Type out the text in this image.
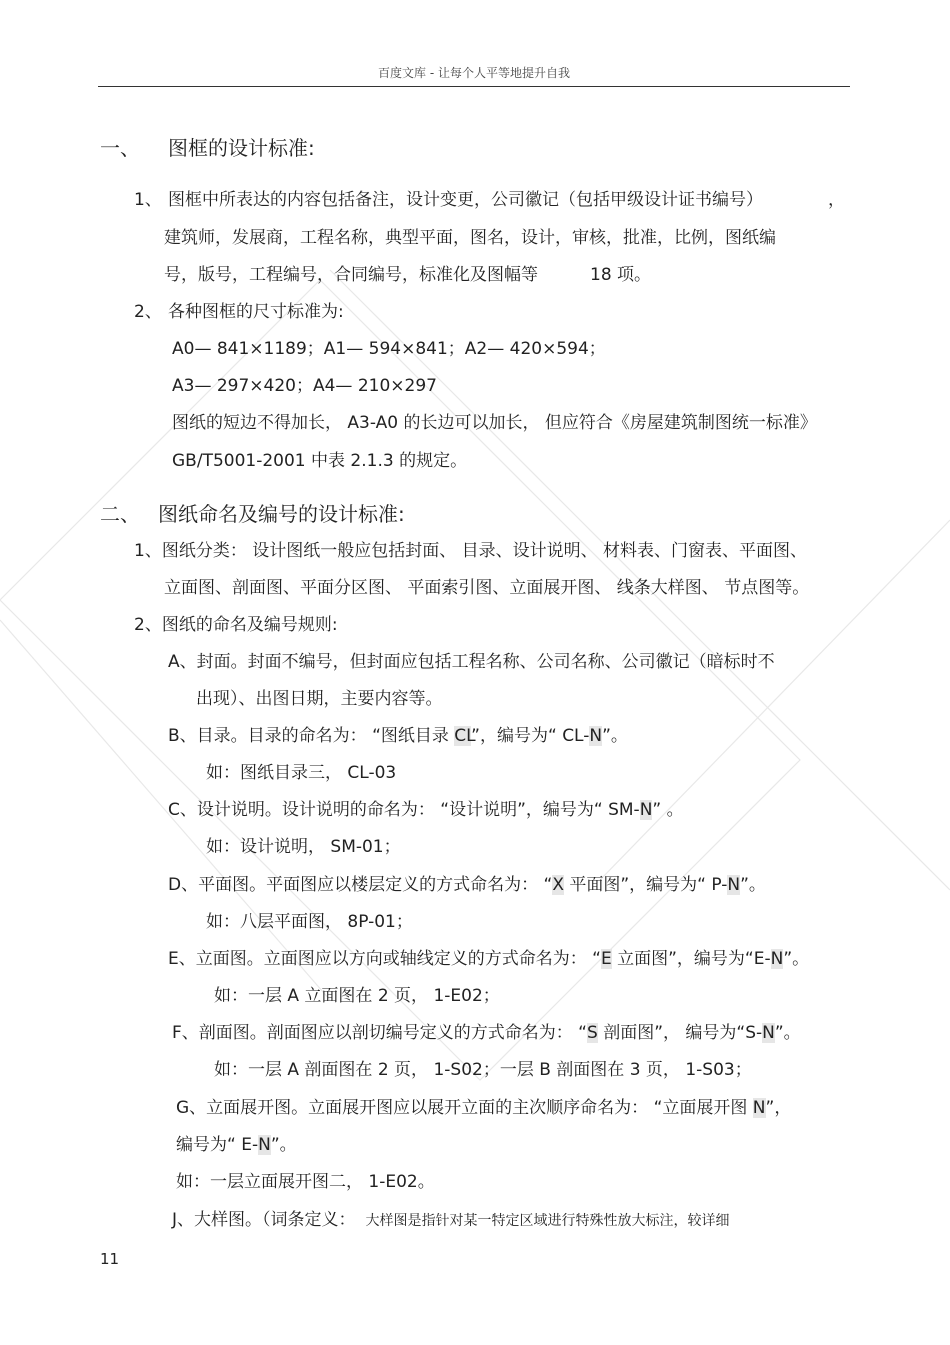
百度文库 - 让每个人平等地提升自我
一、 图框的设计标准:
1、 图框中所表达的内容包括备注，设计变更，公司徽记（包括甲级设计证书编号）	，
建筑师，发展商，工程名称，典型平面，图名，设计，审核，批准，比例，图纸编
号，版号，工程编号，合同编号，标准化及图幅等	18 项。
2、 各种图框的尺寸标准为:
A0— 841×1189；A1— 594×841；A2— 420×594；
A3— 297×420；A4— 210×297
图纸的短边不得加长， A3-A0 的长边可以加长， 但应符合《房屋建筑制图统一标准》
GB/T5001-2001 中表 2.1.3 的规定。
二、 图纸命名及编号的设计标准:
1、图纸分类： 设计图纸一般应包括封面、 目录、设计说明、 材料表、门窗表、平面图、
立面图、剖面图、平面分区图、 平面索引图、立面展开图、 线条大样图、 节点图等。
2、图纸的命名及编号规则:
A、封面。封面不编号，但封面应包括工程名称、公司名称、公司徽记（暗标时不
出现）、出图日期，主要内容等。
B、目录。目录的命名为： “图纸目录 CL”，编号为“ CL-N”。
如：图纸目录三， CL-03
C、设计说明。设计说明的命名为： “设计说明”，编号为“ SM-N” 。
如：设计说明， SM-01；
D、平面图。平面图应以楼层定义的方式命名为： “X 平面图”，编号为“ P-N”。
如：八层平面图， 8P-01；
E、立面图。立面图应以方向或轴线定义的方式命名为： “E 立面图”，编号为“E-N”。
如：一层 A 立面图在 2 页， 1-E02；
F、剖面图。剖面图应以剖切编号定义的方式命名为： “S 剖面图”， 编号为“S-N”。
如：一层 A 剖面图在 2 页， 1-S02；一层 B 剖面图在 3 页， 1-S03；
G、立面展开图。立面展开图应以展开立面的主次顺序命名为： “立面展开图 N”，
编号为“ E-N”。
如：一层立面展开图二， 1-E02。
J、大样图。（词条定义： 大样图是指针对某一特定区域进行特殊性放大标注，较详细
11
